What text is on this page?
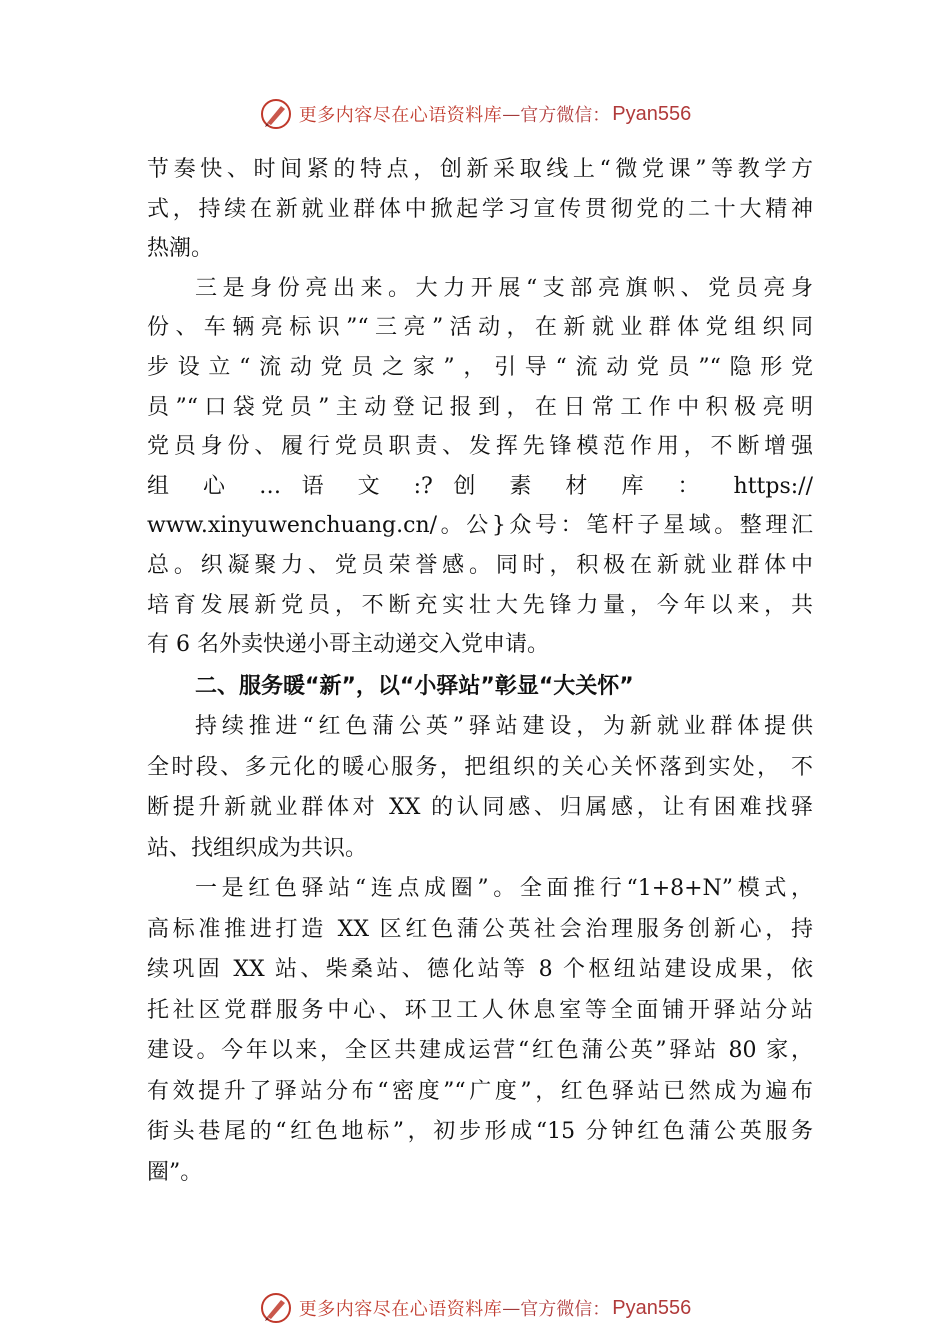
更多内容尽在心语资料库 — 官方微信： Pyan556
节奏快、时间紧的特点，创新采取线上“微党课”等教学方
式，持续在新就业群体中掀起学习宣传贯彻党的二十大精神
热潮。
三是身份亮出来。大力开展“支部亮旗帜、党员亮身
份、车辆亮标识”“三亮”活动，在新就业群体党组织同
步设立“流动党员之家”，引导“流动党员”“隐形党
员”“口袋党员”主动登记报到，在日常工作中积极亮明
党员身份、履行党员职责、发挥先锋模范作用，不断增强
组 心 … 语 文 :? 创 素 材 库 ： https://
www.xinyuwenchuang.cn/。公}众号：笔杆子星域。整理汇
总。织凝聚力、党员荣誉感。同时，积极在新就业群体中
培育发展新党员，不断充实壮大先锋力量，今年以来，共
有 6 名外卖快递小哥主动递交入党申请。
二、服务暖“新”，以“小驿站”彰显“大关怀”
持续推进“红色蒲公英”驿站建设，为新就业群体提供
全时段、多元化的暖心服务，把组织的关心关怀落到实处， 不
断提升新就业群体对 XX 的认同感、归属感，让有困难找驿
站、找组织成为共识。
一是红色驿站“连点成圈”。全面推行“1+8+N”模式，
高标准推进打造 XX 区红色蒲公英社会治理服务创新心，持
续巩固 XX 站、柴桑站、德化站等 8 个枢纽站建设成果，依
托社区党群服务中心、环卫工人休息室等全面铺开驿站分站
建设。今年以来，全区共建成运营“红色蒲公英”驿站 80 家，
有效提升了驿站分布“密度”“广度”，红色驿站已然成为遍布
街头巷尾的“红色地标”，初步形成“15 分钟红色蒲公英服务
圈”。
更多内容尽在心语资料库 — 官方微信： Pyan556
